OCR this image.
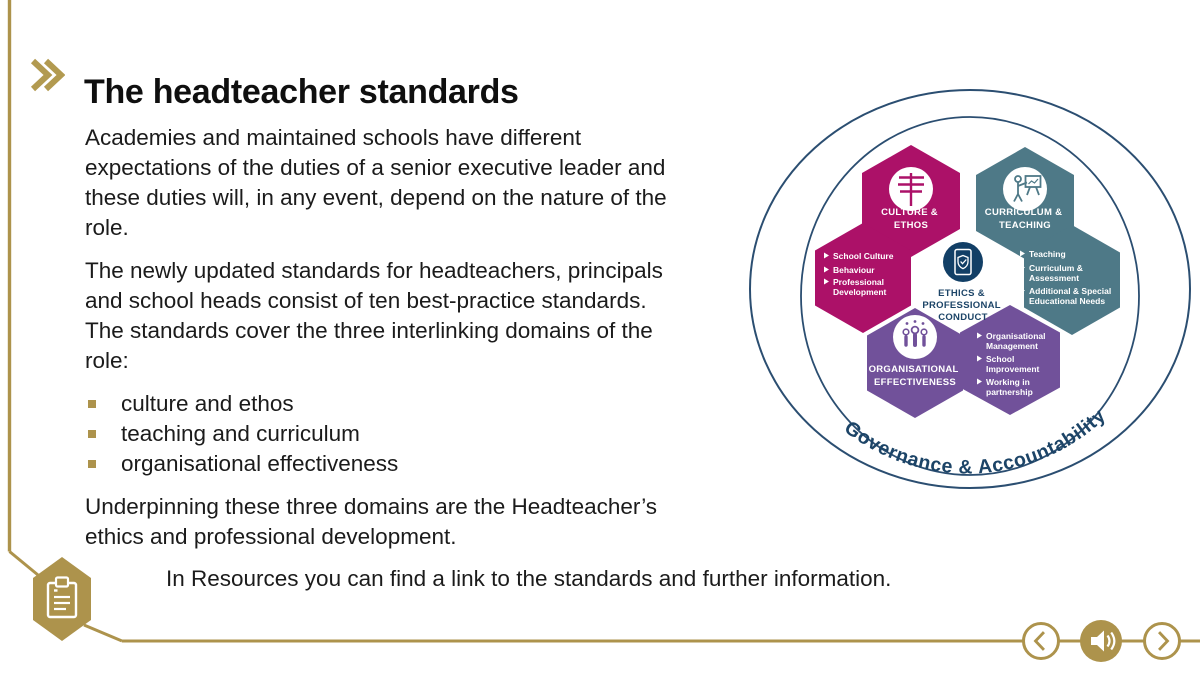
The headteacher standards
Academies and maintained schools have different
expectations of the duties of a senior executive leader and
these duties will, in any event, depend on the nature of the
role.
The newly updated standards for headteachers, principals
and school heads consist of ten best-practice standards.
The standards cover the three interlinking domains of the
role:
culture and ethos
teaching and curriculum
organisational effectiveness
Underpinning these three domains are the Headteacher’s
ethics and professional development.
In Resources you can find a link to the standards and further information.
Governance & Accountability
CULTURE & ETHOS
School Culture Behaviour Professional Development
CURRICULUM & TEACHING
Teaching Curriculum & Assessment Additional & Special Educational Needs
ORGANISATIONAL EFFECTIVENESS
Organisational Management School Improvement Working in partnership
ETHICS & PROFESSIONAL CONDUCT
